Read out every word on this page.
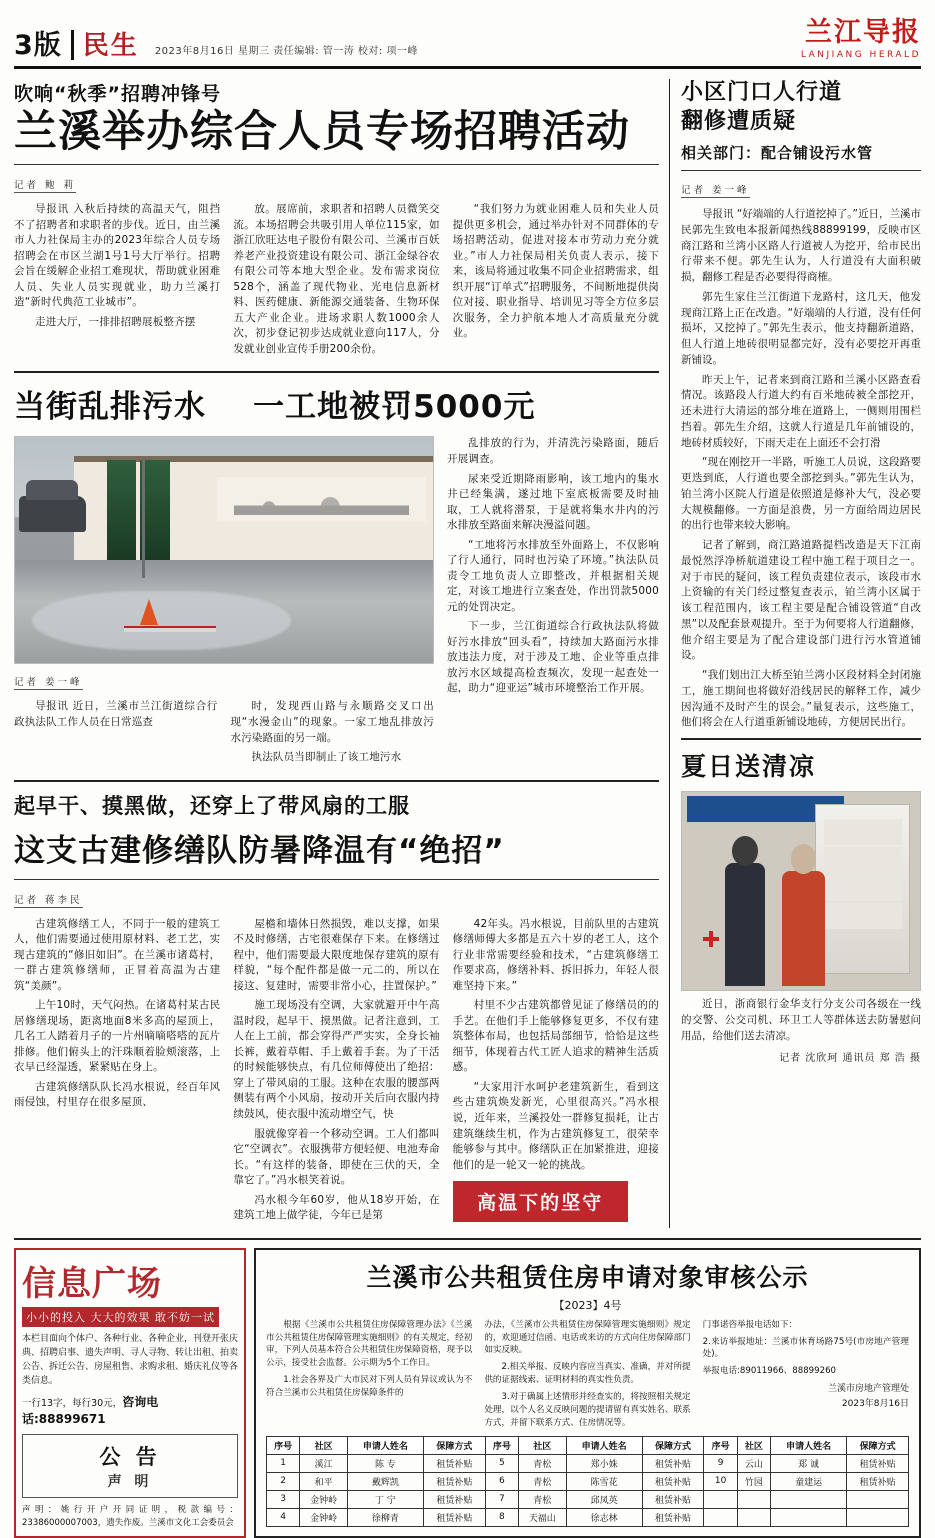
3版 民生 2023年8月16日 星期三 责任编辑: 管一涛 校对: 项一峰
兰江导报
LANJIANG HERALD
吹响“秋季”招聘冲锋号
兰溪举办综合人员专场招聘活动
记者 鲍 莉

导报讯 入秋后持续的高温天气，阻挡不了招聘者和求职者的步伐。近日，由兰溪市人力社保局主办的2023年综合人员专场招聘会在市区兰湖1号1号大厅举行。招聘会旨在缓解企业招工难现状，帮助就业困难人员、失业人员实现就业，助力兰溪打造“新时代典范工业城市”。

走进大厅，一排排招聘展板整齐摆

放。展席前，求职者和招聘人员微笑交流。本场招聘会共吸引用人单位115家，如浙江欣旺达电子股份有限公司、兰溪市百妖养老产业投资建设有限公司、浙江金绿谷农有限公司等本地大型企业。发布需求岗位528个，涵盖了现代物业、光电信息新材料、医药健康、新能源交通装备、生物环保五大产业企业。进场求职人数1000余人次，初步登记初步达成就业意向117人，分发就业创业宣传手册200余份。

“我们努力为就业困难人员和失业人员提供更多机会，通过举办针对不同群体的专场招聘活动，促进对接本市劳动力充分就业。”市人力社保局相关负责人表示，接下来，该局将通过收集不同企业招聘需求，组织开展“订单式”招聘服务，不间断地提供岗位对接、职业指导、培训见习等全方位多层次服务，全力护航本地人才高质量充分就业。

当街乱排污水 一工地被罚5000元
记者 姜一峰

导报讯 近日，兰溪市兰江街道综合行政执法队工作人员在日常巡查

时，发现西山路与永顺路交叉口出现“水漫金山”的现象。一家工地乱排放污水污染路面的另一端。

执法队员当即制止了该工地污水

乱排放的行为，并清洗污染路面，随后开展调查。

尿来受近期降雨影响，该工地内的集水井已经集满，遂过地下室底板需要及时抽取，工人就将潜泵，于是就将集水井内的污水排放至路面来解决漫溢问题。

“工地将污水排放至外面路上，不仅影响了行人通行，同时也污染了环境。”执法队员责令工地负责人立即整改，并根据相关规定，对该工地进行立案查处，作出罚款5000元的处罚决定。

下一步，兰江街道综合行政执法队将做好污水排放“回头看”，持续加大路面污水排放违法力度，对于涉及工地、企业等重点排放污水区域提高检查频次，发现一起查处一起，助力“迎亚运”城市环境整治工作开展。

起早干、摸黑做，还穿上了带风扇的工服
这支古建修缮队防暑降温有“绝招”
记者 蒋李民

古建筑修缮工人，不同于一般的建筑工人，他们需要通过使用原材料、老工艺，实现古建筑的“修旧如旧”。在兰溪市诸葛村，一群古建筑修缮师，正冒着高温为古建筑“美颜”。

上午10时，天气闷热。在诸葛村某古民居修缮现场，距离地面8米多高的屋顶上，几名工人踏着月子的一片州嘀嘀嗒嗒的瓦片排修。他们俯头上的汗珠顺着脸颊滚落，上衣早已经湿透，紧紧贴在身上。

古建筑修缮队队长冯水根说，经百年风雨侵蚀，村里存在很多屋顶、

屋檐和墙体日然损毁，难以支撑，如果不及时修缮，古宅很难保存下来。在修缮过程中，他们需要最大限度地保存建筑的原有样貌，“每个配件都是做一元二的，所以在接这、复建时，需要非常小心，拄置保护。”

施工现场没有空调，大家就避开中午高温时段，起早干、摸黑做。记者注意到，工人在上工前，都会穿得严严实实，全身长袖长裤，戴着草帽、手上戴着手套。为了干活的时候能够快点，有几位师傅使出了绝招：穿上了带风扇的工服。这种在农服的腰部两侧装有两个小风扇，按动开关后向衣服内持续鼓风，使衣服中流动增空气，快

服就像穿着一个移动空调。工人们都叫它“空调衣”。衣服携带方便轻便、电池寿命长。“有这样的装备，即使在三伏的天，全靠它了。”冯水根笑着说。

冯水根今年60岁，他从18岁开始，在建筑工地上做学徒，今年已是第

42年头。冯水根说，目前队里的古建筑修缮师傅大多都是五六十岁的老工人，这个行业非常需要经验和技术，“古建筑修缮工作要求高，修缮补料、拆旧拆力，年轻人很难坚持下来。”

村里不少古建筑都曾见证了修缮员的的手艺。在他们手上能够修复更多，不仅有建筑整体布局，也包括局部细节，恰恰是这些细节，体现着古代工匠人追求的精神生活质感。

“大家用汗水呵护老建筑新生，看到这些古建筑焕发新光，心里很高兴。”冯水根说，近年来，兰溪投处一群修复损耗，让古建筑继续生机，作为古建筑修复工，很荣幸能够参与其中。修缮队正在加紧推进，迎接他们的是一轮又一轮的挑战。

高温下的坚守
小区门口人行道
翻修遭质疑
相关部门：配合铺设污水管
记者 姜一峰

导报讯 “好端端的人行道挖掉了。”近日，兰溪市民郭先生致电本报新闻热线88899199，反映市区商江路和兰湾小区路人行道被人为挖开，给市民出行带来不便。郭先生认为，人行道没有大面积破损，翻修工程是否必要得得商榷。

郭先生家住兰江街道下龙路村，这几天，他发现商江路上正在改造。“好端端的人行道，没有任何损坏，又挖掉了。”郭先生表示，他支持翻新道路，但人行道上地砖很明显都完好，没有必要挖开再重新铺设。

昨天上午，记者来到商江路和兰溪小区路查看情况。该路段人行道大约有百米地砖被全部挖开，还未进行大清运的部分堆在道路上，一侧则用围栏挡着。郭先生介绍，这就人行道是几年前铺设的，地砖材质较好，下雨天走在上面还不会打滑

“现在刚挖开一半路，听施工人员说，这段路要更迭到底，人行道也要全部挖到头。”郭先生认为，铂兰湾小区院人行道是依照道是修补大气，没必要大规模翻修。一方面是浪费，另一方面给周边居民的出行也带来较大影响。

记者了解到，商江路道路提档改造是天下江南最悦然浮净桥航道建设工程中施工程于项目之一。对于市民的疑问，该工程负责建位表示，该段市水上资输的有关门经过整复查表示，铂兰湾小区属于该工程范围内，该工程主要是配合铺设管道“自改黑”以及配套景观提升。至于为何要将人行道翻修，他介绍主要是为了配合建设部门进行污水管道铺设。

“我们划出江大桥至铂兰湾小区段材料全封闭施工，施工期间也将做好沿线居民的解释工作，减少因沟通不及时产生的误会。”量复表示，这些施工，他们将会在人行道重新铺设地砖，方便居民出行。

夏日送清凉

近日，浙商银行金华支行分支公司各级在一线的交警、公交司机、环卫工人等群体送去防暑慰问用品，给他们送去清凉。

记者 沈欣珂 通讯员 郑 浩 摄
信息广场
小小的投入 大大的效果 敢不妨一试
本栏目面向个体户、各种行业、各种企业，刊登开张庆典、招聘启事、遗失声明、寻人寻物、转让出租、拍卖公告、拆迁公告、房屋租售、求购求租、婚庆礼仪等各类信息。
一行13字，每行30元，咨询电话:88899671
公 告
声 明
声明：姚行开户开同证明，税款编号：23386000007003，遗失作废。兰溪市文化工会委员会
兰溪市公共租赁住房申请对象审核公示
【2023】4号

根据《兰溪市公共租赁住房保障管理办法》《兰溪市公共租赁住房保障管理实施细则》的有关规定，经初审，下列人员基本符合公共租赁住房保障资格，现予以公示，接受社会监督。公示期为5个工作日。

1.社会各界及广大市民对下列人员有异议或认为不符合兰溪市公共租赁住房保障条件的

办法，《兰溪市公共租赁住房保障管理实施细则》规定的，欢迎通过信函、电话或来访的方式向住房保障部门如实反映。

2.相关举报、反映内容应当真实、准确，并对所提供的证据线索、证明材料的真实性负责。

3.对于确属上述情形并经查实的，将按照相关规定处理，以个人名义反映问题的提请留有真实姓名、联系方式，并留下联系方式、住房情况等。

门事诺咨举报电话如下：

2.来访举报地址：兰溪市休育场路75号(市房地产管理处)。

举报电话:89011966、88899260

兰溪市房地产管理处
2023年8月16日
序号	社区	申请人姓名	保障方式	序号	社区	申请人姓名	保障方式	序号	社区	申请人姓名	保障方式
1	溪江	陈 专	租赁补贴	5	青松	郑小姝	租赁补贴	9	云山	郑 诚	租赁补贴
2	和平	戴辉凯	租赁补贴	6	青松	陈雪花	租赁补贴	10	竹园	童建运	租赁补贴
3	金钟岭	丁 宁	租赁补贴	7	青松	邱凤英	租赁补贴				
4	金钟岭	徐柳青	租赁补贴	8	天福山	徐志林	租赁补贴				
